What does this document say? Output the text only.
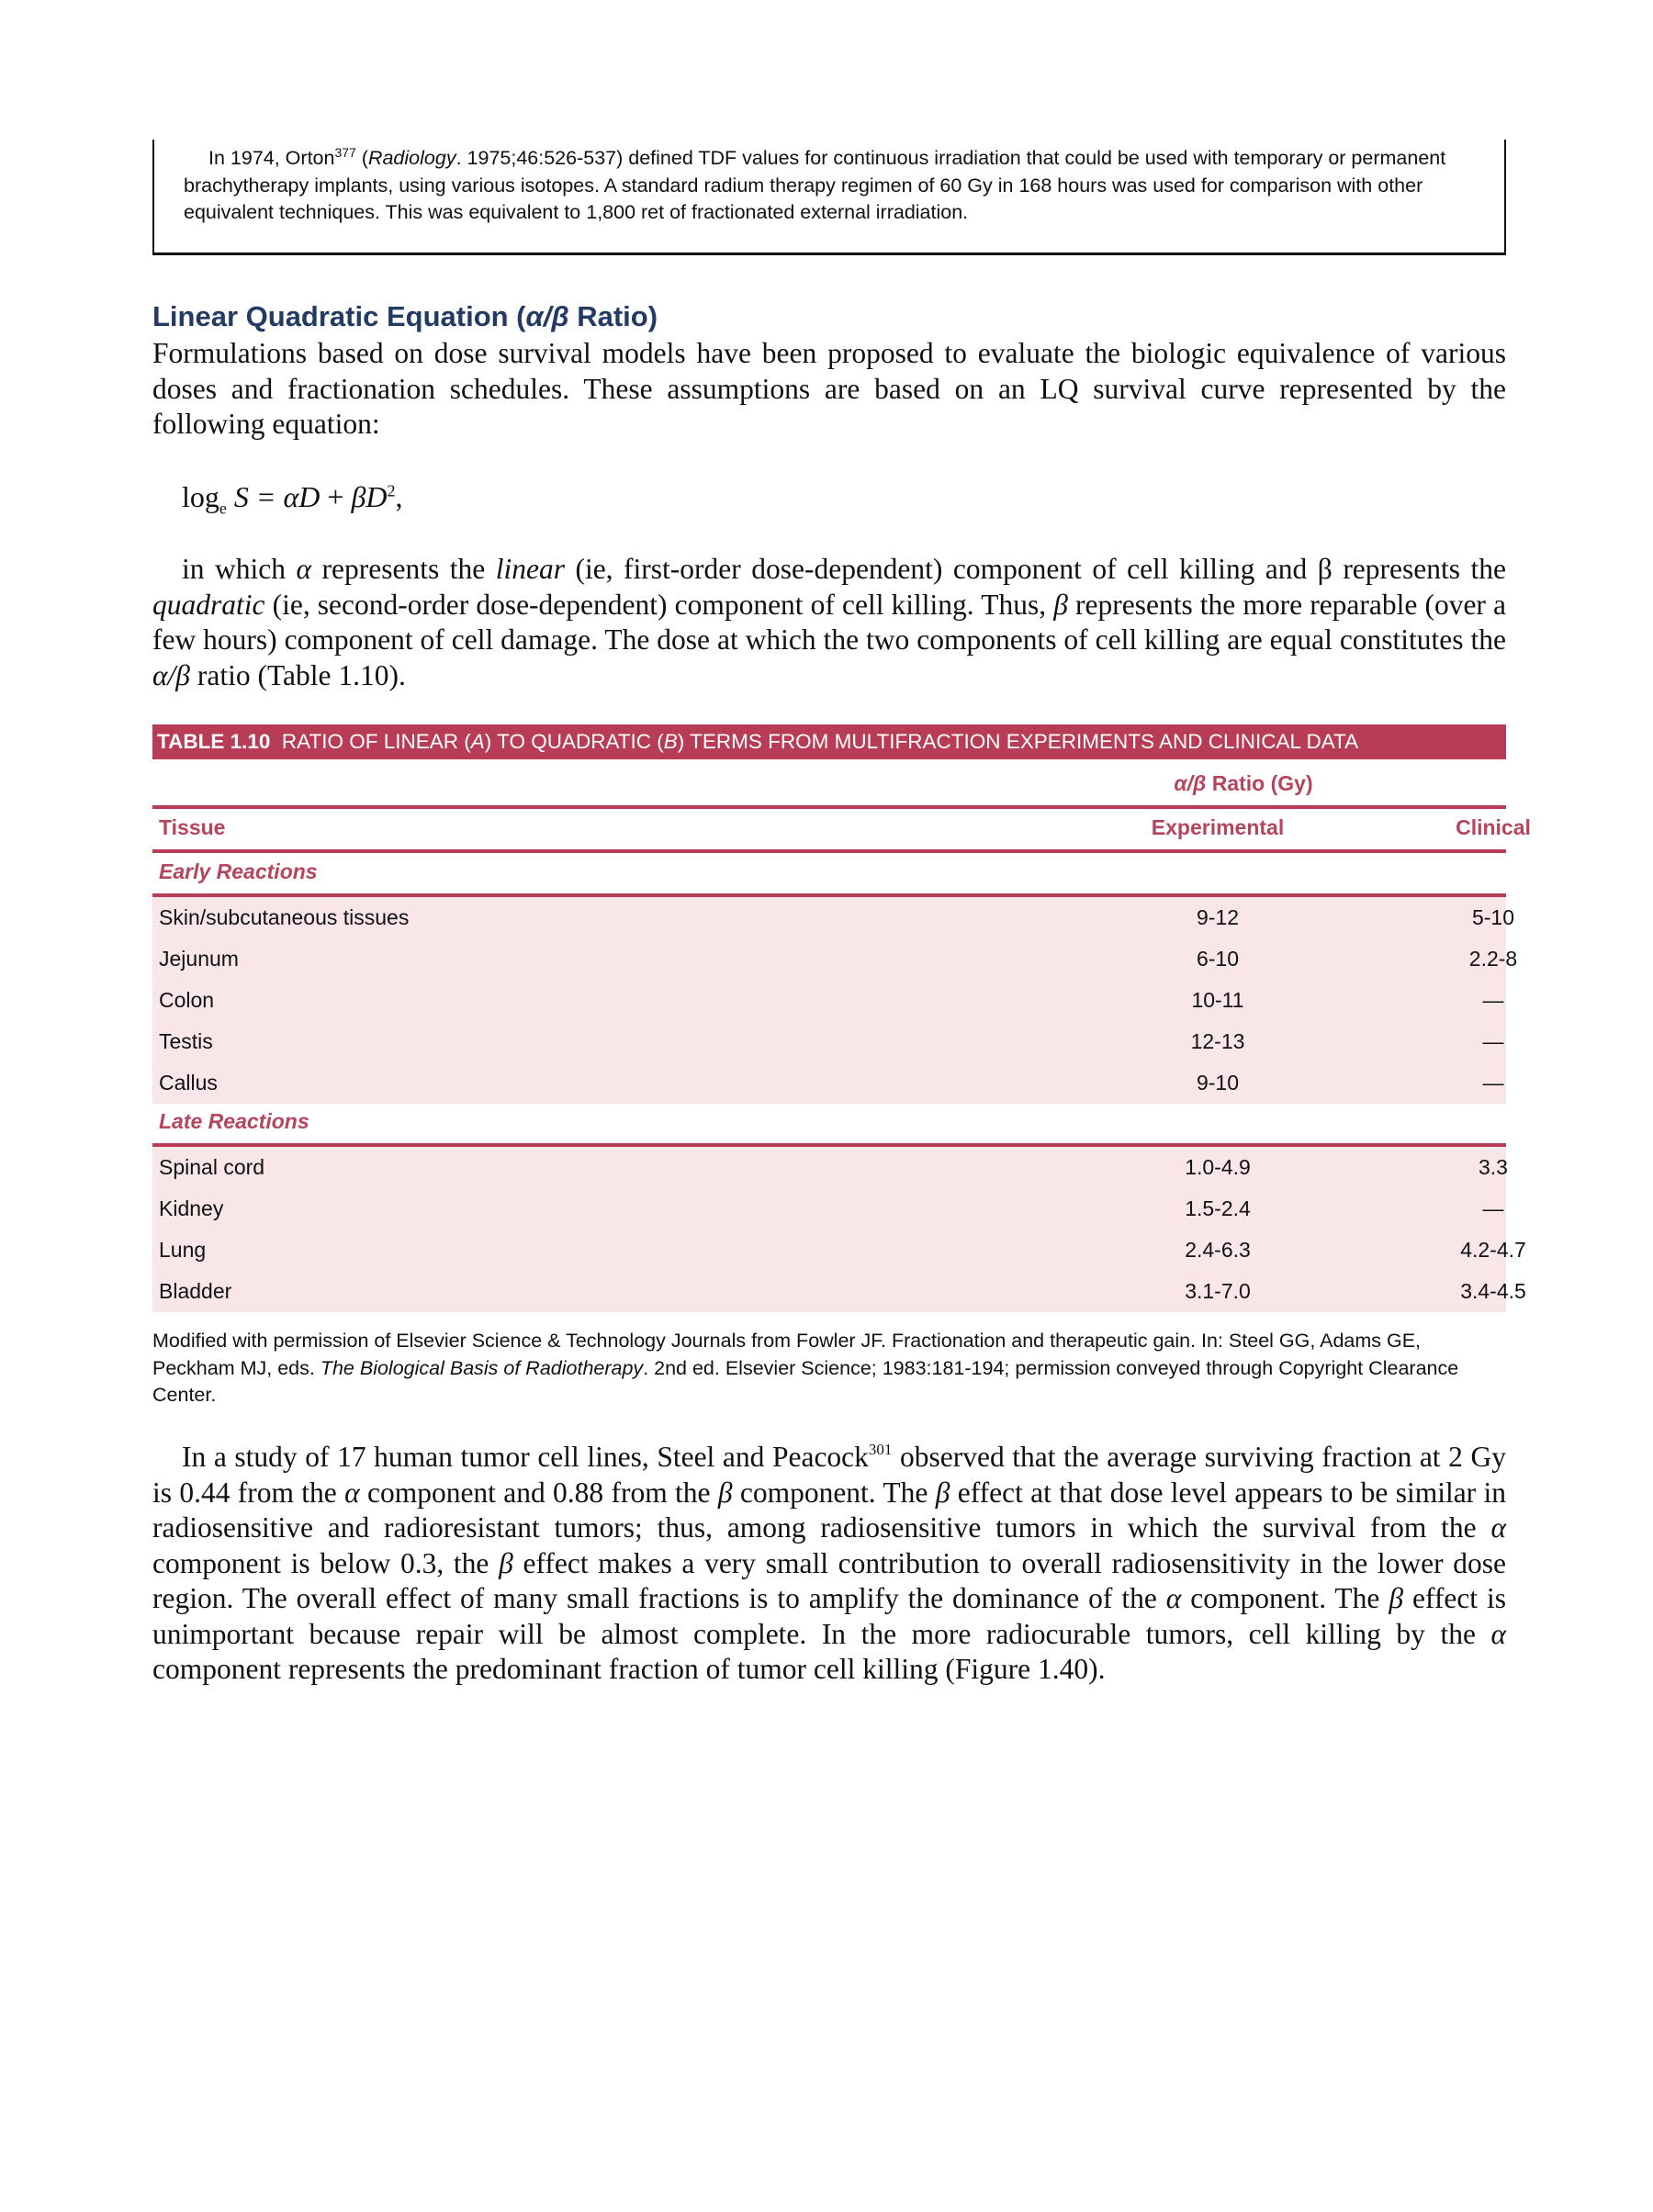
In 1974, Orton$^{377}$ (Radiology. 1975;46:526-537) defined TDF values for continuous irradiation that could be used with temporary or permanent brachytherapy implants, using various isotopes. A standard radium therapy regimen of 60 Gy in 168 hours was used for comparison with other equivalent techniques. This was equivalent to 1,800 ret of fractionated external irradiation.

Linear Quadratic Equation (α/β Ratio)

Formulations based on dose survival models have been proposed to evaluate the biologic equivalence of various doses and fractionation schedules. These assumptions are based on an LQ survival curve represented by the following equation:

$\log_e S = \alpha D + \beta D^2$,

in which α represents the linear (ie, first-order dose-dependent) component of cell killing and β represents the quadratic (ie, second-order dose-dependent) component of cell killing. Thus, β represents the more reparable (over a few hours) component of cell damage. The dose at which the two components of cell killing are equal constitutes the α/β ratio (Table 1.10).

TABLE 1.10 RATIO OF LINEAR (A) TO QUADRATIC (B) TERMS FROM MULTIFRACTION EXPERIMENTS AND CLINICAL DATA
α/β Ratio (Gy)
Tissue	Experimental	Clinical
Early Reactions
Skin/subcutaneous tissues	9-12	5-10
Jejunum	6-10	2.2-8
Colon	10-11	—
Testis	12-13	—
Callus	9-10	—
Late Reactions
Spinal cord	1.0-4.9	3.3
Kidney	1.5-2.4	—
Lung	2.4-6.3	4.2-4.7
Bladder	3.1-7.0	3.4-4.5
Modified with permission of Elsevier Science & Technology Journals from Fowler JF. Fractionation and therapeutic gain. In: Steel GG, Adams GE, Peckham MJ, eds. The Biological Basis of Radiotherapy. 2nd ed. Elsevier Science; 1983:181-194; permission conveyed through Copyright Clearance Center.

In a study of 17 human tumor cell lines, Steel and Peacock$^{301}$ observed that the average surviving fraction at 2 Gy is 0.44 from the α component and 0.88 from the β component. The β effect at that dose level appears to be similar in radiosensitive and radioresistant tumors; thus, among radiosensitive tumors in which the survival from the α component is below 0.3, the β effect makes a very small contribution to overall radiosensitivity in the lower dose region. The overall effect of many small fractions is to amplify the dominance of the α component. The β effect is unimportant because repair will be almost complete. In the more radiocurable tumors, cell killing by the α component represents the predominant fraction of tumor cell killing (Figure 1.40).
